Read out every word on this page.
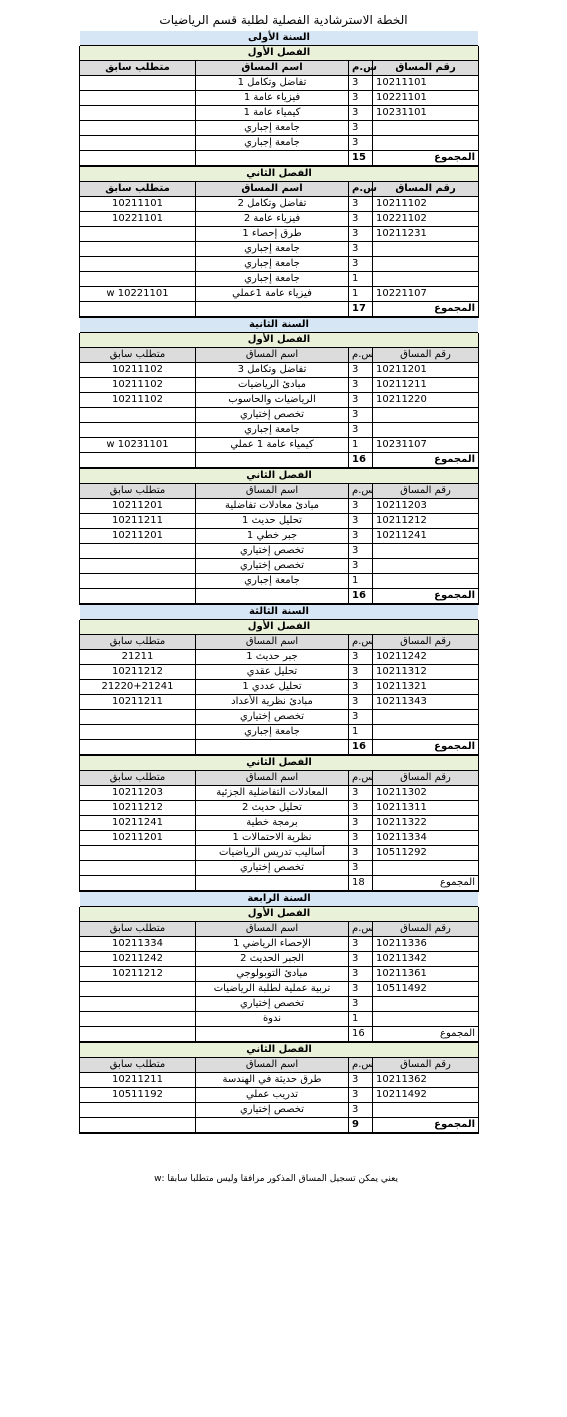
الخطة الاسترشادية الفصلية لطلبة قسم الرياضيات
السنة الأولى			
الفصل الأول			
متطلب سابق	اسم المساق	س.م	رقم المساق
	تفاضل وتكامل 1	3	10211101
	فيزياء عامة 1	3	10221101
	كيمياء عامة 1	3	10231101
	جامعة إجباري	3	
	جامعة إجباري	3	
		15	المجموع
الفصل الثاني			
متطلب سابق	اسم المساق	س.م	رقم المساق
10211101	تفاضل وتكامل 2	3	10211102
10221101	فيزياء عامة 2	3	10221102
	طرق إحصاء 1	3	10211231
	جامعة إجباري	3	
	جامعة إجباري	3	
	جامعة إجباري	1	
w 10221101	فيزياء عامة 1عملي	1	10221107
		17	المجموع
السنة الثانية			
الفصل الأول			
متطلب سابق	اسم المساق	س.م	رقم المساق
10211102	تفاضل وتكامل 3	3	10211201
10211102	مبادئ الرياضيات	3	10211211
10211102	الرياضيات والحاسوب	3	10211220
	تخصص إختياري	3	
	جامعة إجباري	3	
w 10231101	كيمياء عامة 1 عملي	1	10231107
		16	المجموع
الفصل الثاني			
متطلب سابق	اسم المساق	س.م	رقم المساق
10211201	مبادئ معادلات تفاضلية	3	10211203
10211211	تحليل حديث 1	3	10211212
10211201	جبر خطي 1	3	10211241
	تخصص إختياري	3	
	تخصص إختياري	3	
	جامعة إجباري	1	
		16	المجموع
السنة الثالثة			
الفصل الأول			
متطلب سابق	اسم المساق	س.م	رقم المساق
21211	جبر حديث 1	3	10211242
10211212	تحليل عقدي	3	10211312
21220+21241	تحليل عددي 1	3	10211321
10211211	مبادئ نظرية الأعداد	3	10211343
	تخصص إختياري	3	
	جامعة إجباري	1	
		16	المجموع
الفصل الثاني			
متطلب سابق	اسم المساق	س.م	رقم المساق
10211203	المعادلات التفاضلية الجزئية	3	10211302
10211212	تحليل حديث 2	3	10211311
10211241	برمجة خطية	3	10211322
10211201	نظرية الاحتمالات 1	3	10211334
	أساليب تدريس الرياضيات	3	10511292
	تخصص إختياري	3	
		18	المجموع
السنة الرابعة			
الفصل الأول			
متطلب سابق	اسم المساق	س.م	رقم المساق
10211334	الإحصاء الرياضي 1	3	10211336
10211242	الجبر الحديث 2	3	10211342
10211212	مبادئ التوبولوجي	3	10211361
	تربية عملية لطلبة الرياضيات	3	10511492
	تخصص إختياري	3	
	ندوة	1	
		16	المجموع
الفصل الثاني			
متطلب سابق	اسم المساق	س.م	رقم المساق
10211211	طرق حديثة في الهندسة	3	10211362
10511192	تدريب عملي	3	10211492
	تخصص إختياري	3	
		9	المجموع
يعني يمكن تسجيل المساق المذكور مرافقا وليس متطلبا سابقا :w
